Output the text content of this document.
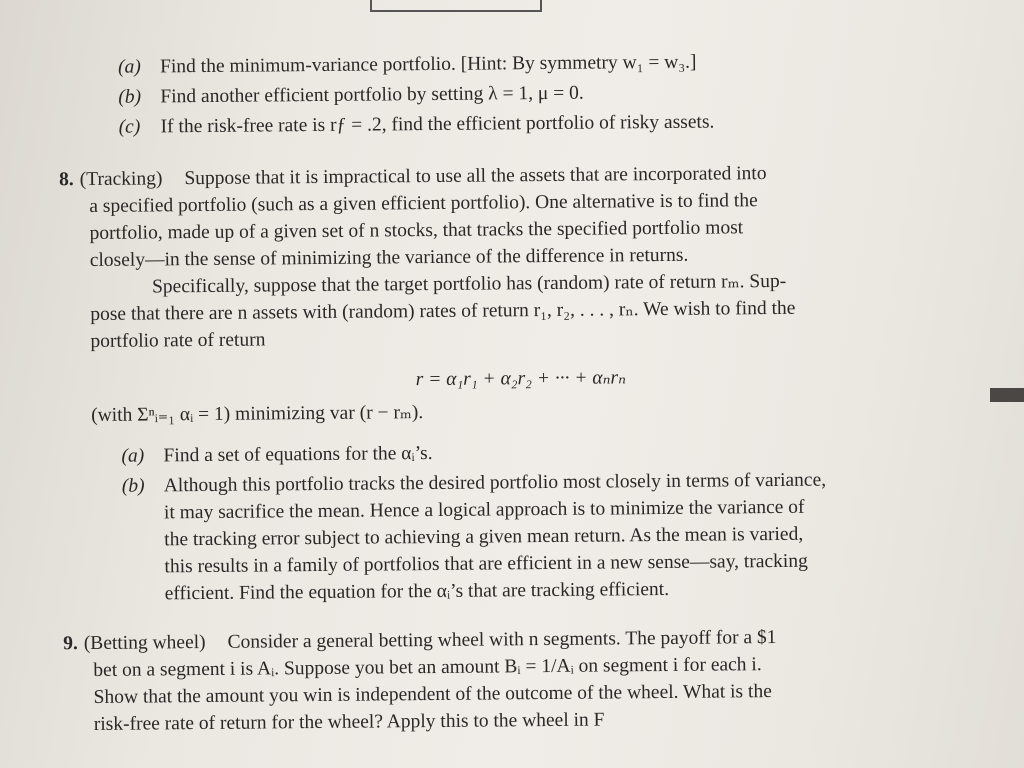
(a) Find the minimum-variance portfolio. [Hint: By symmetry w₁ = w₃.]
(b) Find another efficient portfolio by setting λ = 1, μ = 0.
(c) If the risk-free rate is rƒ = .2, find the efficient portfolio of risky assets.
8. (Tracking) Suppose that it is impractical to use all the assets that are incorporated into
a specified portfolio (such as a given efficient portfolio). One alternative is to find the
portfolio, made up of a given set of n stocks, that tracks the specified portfolio most
closely—in the sense of minimizing the variance of the difference in returns.
Specifically, suppose that the target portfolio has (random) rate of return rₘ. Sup-
pose that there are n assets with (random) rates of return r₁, r₂, . . . , rₙ. We wish to find the
portfolio rate of return
r = α₁r₁ + α₂r₂ + ··· + αₙrₙ
(with Σⁿᵢ₌₁ αᵢ = 1) minimizing var (r − rₘ).
(a) Find a set of equations for the αᵢ’s.
(b) Although this portfolio tracks the desired portfolio most closely in terms of variance,
it may sacrifice the mean. Hence a logical approach is to minimize the variance of
the tracking error subject to achieving a given mean return. As the mean is varied,
this results in a family of portfolios that are efficient in a new sense—say, tracking
efficient. Find the equation for the αᵢ’s that are tracking efficient.
9. (Betting wheel) Consider a general betting wheel with n segments. The payoff for a $1
bet on a segment i is Aᵢ. Suppose you bet an amount Bᵢ = 1/Aᵢ on segment i for each i.
Show that the amount you win is independent of the outcome of the wheel. What is the
risk-free rate of return for the wheel? Apply this to the wheel in F
